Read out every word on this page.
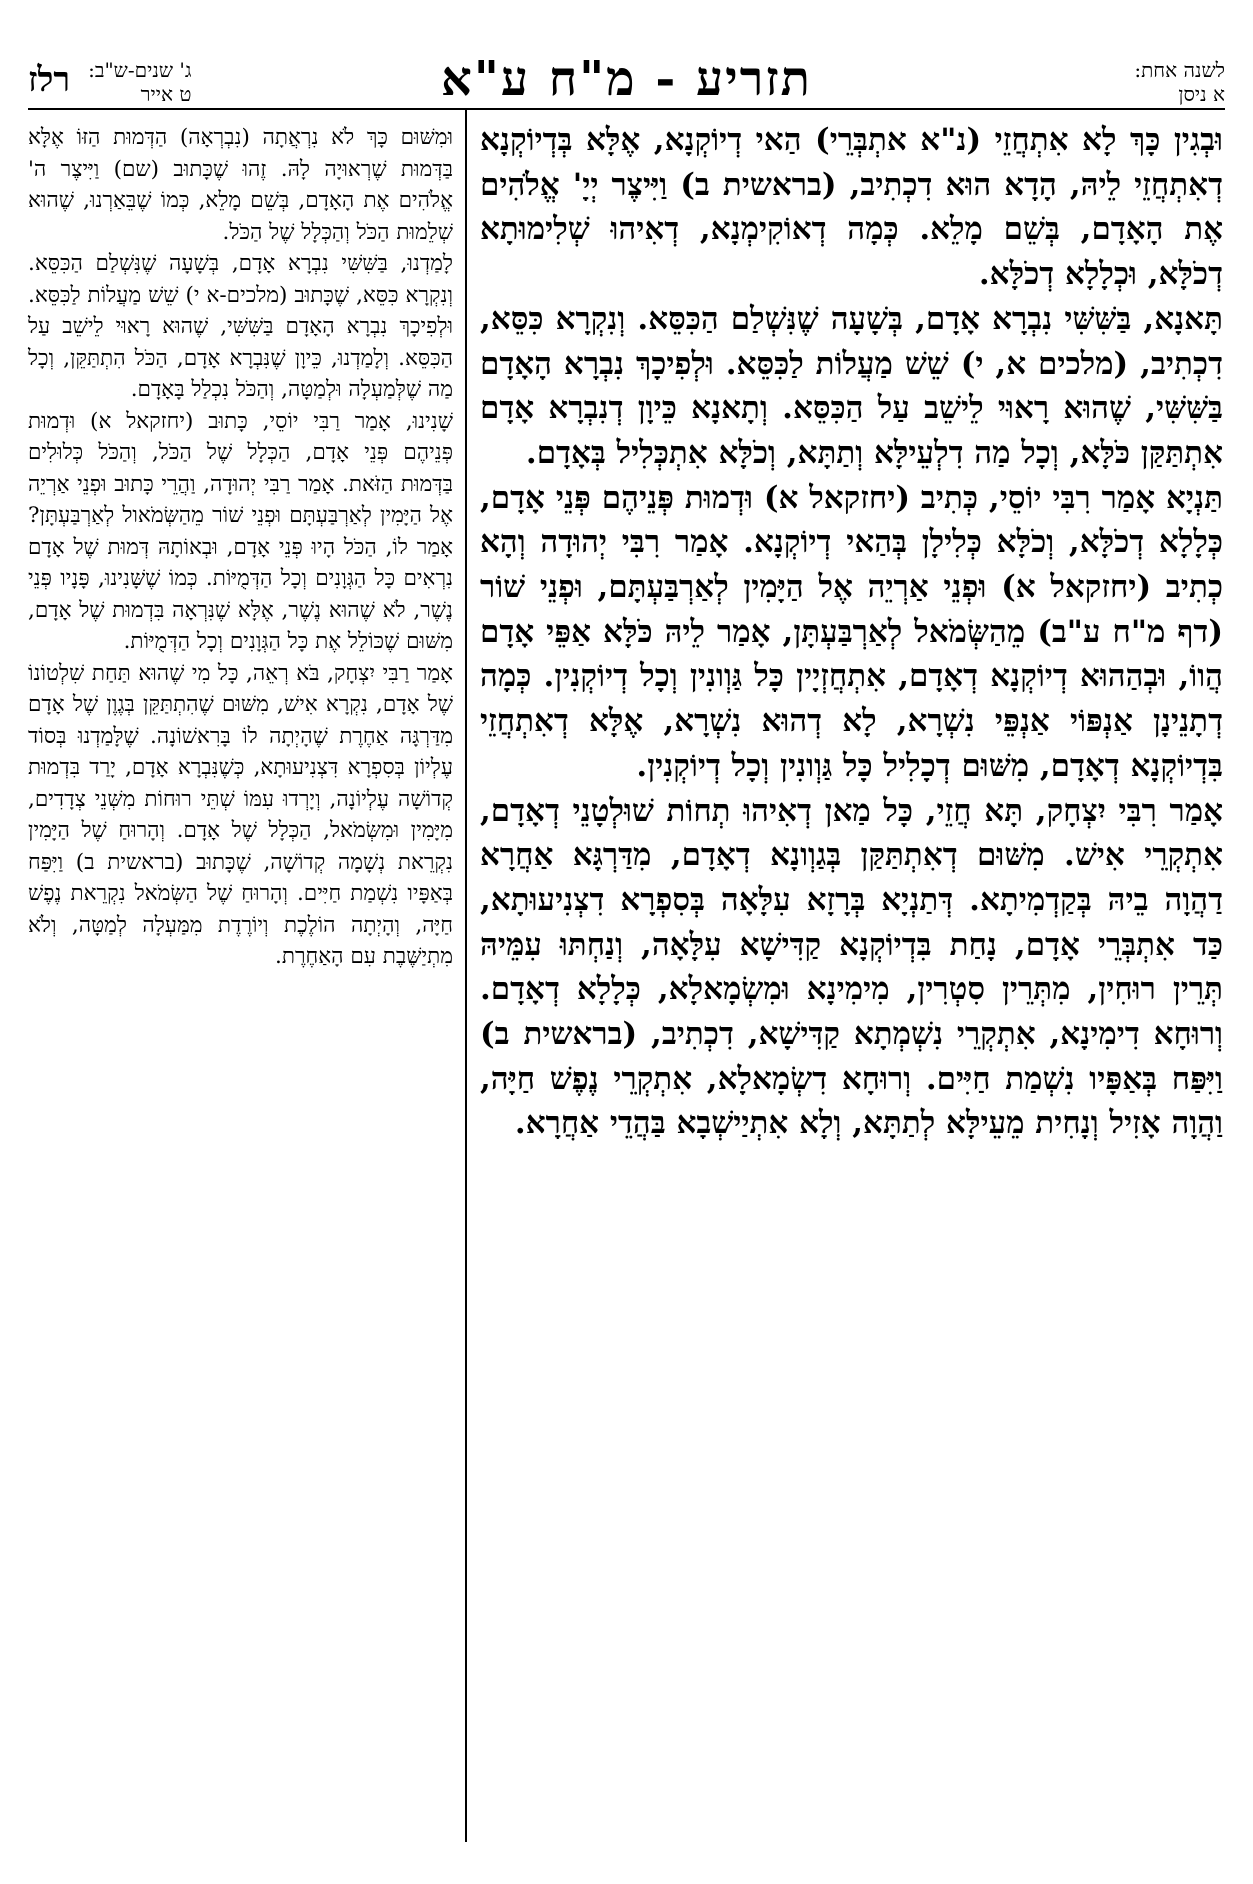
לשנה אחת:
א ניסן
תזריע - מ"ח ע"א
ג' שנים-ש"ב:
ט אייר
רלז

וּבְגִין כָּךְ לָא אִתְחֲזֵי (נ"א אתְבְּרֵי) הַאי דְיוֹקְנָא, אֶלָּא בְּדְיוֹקְנָא דְאִתְחֲזֵי לֵיהּ, הָדָא הוּא דִכְתִיב, (בראשית ב) וַיִּיצֶר יְיָ' אֱלֹהִים אֶת הָאָדָם, בְּשֵׁם מָלֵא. כְּמָה דְאוֹקִימְנָא, דְאִיהוּ שְׁלִימוּתָא דְכֹלָּא, וּכְלָלָא דְכֹלָּא.

תָּאנָא, בַּשִּׁשִּׁי נִבְרָא אָדָם, בְּשָׁעָה שֶׁנִּשְׁלַם הַכִּסֵּא. וְנִקְרָא כִּסֵּא, דִכְתִיב, (מלכים א, י) שֵׁשׁ מַעֲלוֹת לַכִּסֵּא. וּלְפִיכָךְ נִבְרָא הָאָדָם בַּשִּׁשִּׁי, שֶׁהוּא רָאוּי לֵישֵׁב עַל הַכִּסֵּא. וְתָאנָא כֵּיוָן דְנִבְרָא אָדָם אִתְתַּקַּן כֹּלָּא, וְכָל מַה דִלְעֵילָּא וְתַתָּא, וְכֹלָּא אִתְכְּלִיל בְּאָדָם.

תַּנְיָא אָמַר רִבִּי יוֹסֵי, כְּתִיב (יחזקאל א) וּדְמוּת פְּנֵיהֶם פְּנֵי אָדָם, כְּלָלָא דְכֹלָּא, וְכֹלָּא כְּלִילָן בְּהַאי דְיוֹקְנָא. אָמַר רִבִּי יְהוּדָה וְהָא כְתִיב (יחזקאל א) וּפְנֵי אַרְיֵה אֶל הַיָּמִין לְאַרְבַּעְתָּם, וּפְנֵי שׁוֹר (דף מ"ח ע"ב) מֵהַשְּׂמֹאל לְאַרְבַּעְתָּן, אָמַר לֵיהּ כֹּלָּא אַפֵּי אָדָם הֲווֹ, וּבְהַהוּא דְיוֹקְנָא דְאָדָם, אִתְחֲזְיָין כָּל גַּוְונִין וְכָל דְיוֹקְנִין. כְּמָה דְתָנֵינָן אַנְפּוֹי אַנְפֵּי נִשְׁרָא, לָא דְהוּא נִשְׁרָא, אֶלָּא דְאִתְחֲזֵי בִּדְיוֹקְנָא דְאָדָם, מִשּׁוּם דְכָלִיל כָּל גַּוְונִין וְכָל דְיוֹקְנִין.

אָמַר רִבִּי יִצְחָק, תָּא חֲזֵי, כָּל מַאן דְאִיהוּ תְחוֹת שׁוּלְטָנֵי דְאָדָם, אִתְקְרֵי אִישׁ. מִשּׁוּם דְאִתְתַּקַּן בְּגַוְונָא דְאָדָם, מִדַּרְגָּא אַחֲרָא דַהֲוָה בֵיהּ בְּקַדְמִיתָא. דְּתַנְיָא בְּרָזָא עִלָּאָה בְּסִפְרָא דִצְנִיעוּתָא, כַּד אִתְבְּרֵי אָדָם, נָחַת בִּדְיוֹקְנָא קַדִּישָׁא עִלָּאָה, וְנַחְתּוּ עִמֵּיהּ תְּרֵין רוּחִין, מִתְּרֵין סִטְרִין, מִימִינָא וּמִשְׂמָאלָא, כְּלָלָא דְאָדָם. וְרוּחָא דִימִינָא, אִתְקְרֵי נִשְׁמְתָא קַדִּישָׁא, דִכְתִיב, (בראשית ב) וַיִּפַּח בְּאַפָּיו נִשְׁמַת חַיִּים. וְרוּחָא דִשְׂמָאלָא, אִתְקְרֵי נֶפֶשׁ חַיָּה, וַהֲוָה אָזִיל וְנָחִית מֵעֵילָּא לְתַתָּא, וְלָא אִתְיַישְׁבָא בַּהֲדֵי אַחֲרָא.

וּמִשּׁוּם כָּךְ לֹא נִרְאֲתָה (נִבְרְאָה) הַדְּמוּת הַזּוֹ אֶלָּא בַּדְּמוּת שֶׁרְאוּיָה לָהּ. זֶהוּ שֶׁכָּתוּב (שם) וַיִּיצֶר ה' אֱלֹהִים אֶת הָאָדָם, בְּשֵׁם מָלֵא, כְּמוֹ שֶׁבֵּאַרְנוּ, שֶׁהוּא שְׁלֵמוּת הַכֹּל וְהַכְּלָל שֶׁל הַכֹּל.

לָמַדְנוּ, בַּשִּׁשִּׁי נִבְרָא אָדָם, בְּשָׁעָה שֶׁנִּשְׁלַם הַכִּסֵּא. וְנִקְרָא כִּסֵּא, שֶׁכָּתוּב (מלכים-א י) שֵׁשׁ מַעֲלוֹת לַכִּסֵּא. וּלְפִיכָךְ נִבְרָא הָאָדָם בַּשִּׁשִּׁי, שֶׁהוּא רָאוּי לֵישֵׁב עַל הַכִּסֵּא. וְלָמַדְנוּ, כֵּיוָן שֶׁנִּבְרָא אָדָם, הַכֹּל הִתְתַּקֵּן, וְכָל מַה שֶׁלְּמַעְלָה וּלְמַטָּה, וְהַכֹּל נִכְלַל בָּאָדָם.

שָׁנִינוּ, אָמַר רַבִּי יוֹסֵי, כָּתוּב (יחזקאל א) וּדְמוּת פְּנֵיהֶם פְּנֵי אָדָם, הַכְּלָל שֶׁל הַכֹּל, וְהַכֹּל כְּלוּלִים בַּדְּמוּת הַזֹּאת. אָמַר רַבִּי יְהוּדָה, וַהֲרֵי כָּתוּב וּפְנֵי אַרְיֵה אֶל הַיָּמִין לְאַרְבַּעְתָּם וּפְנֵי שׁוֹר מֵהַשְּׂמֹאול לְאַרְבַּעְתָּן? אָמַר לוֹ, הַכֹּל הָיוּ פְּנֵי אָדָם, וּבְאוֹתָהּ דְּמוּת שֶׁל אָדָם נִרְאִים כָּל הַגְּוָנִים וְכָל הַדְּמֻיּוֹת. כְּמוֹ שֶׁשָּׁנִינוּ, פָּנָיו פְּנֵי נֶשֶׁר, לֹא שֶׁהוּא נֶשֶׁר, אֶלָּא שֶׁנִּרְאָה בִּדְמוּת שֶׁל אָדָם, מִשּׁוּם שֶׁכּוֹלֵל אֶת כָּל הַגְּוָנִים וְכָל הַדְּמֻיּוֹת.

אָמַר רַבִּי יִצְחָק, בֹּא רְאֵה, כָּל מִי שֶׁהוּא תַּחַת שִׁלְטוֹנוֹ שֶׁל אָדָם, נִקְרָא אִישׁ, מִשּׁוּם שֶׁהִתְתַּקֵּן בְּגֶוֶן שֶׁל אָדָם מִדַּרְגָּה אַחֶרֶת שֶׁהָיְתָה לוֹ בָּרִאשׁוֹנָה. שֶׁלָּמַדְנוּ בְּסוֹד עֶלְיוֹן בְּסִפְרָא דִּצְנִיעוּתָא, כְּשֶׁנִּבְרָא אָדָם, יָרַד בִּדְמוּת קְדוֹשָׁה עֶלְיוֹנָה, וְיָרְדוּ עִמּוֹ שְׁתֵּי רוּחוֹת מִשְּׁנֵי צְדָדִים, מִיָּמִין וּמִשְּׂמֹאל, הַכְּלָל שֶׁל אָדָם. וְהָרוּחַ שֶׁל הַיָּמִין נִקְרֵאת נְשָׁמָה קְדוֹשָׁה, שֶׁכָּתוּב (בראשית ב) וַיִּפַּח בְּאַפָּיו נִשְׁמַת חַיִּים. וְהָרוּחַ שֶׁל הַשְּׂמֹאל נִקְרֵאת נֶפֶשׁ חַיָּה, וְהָיְתָה הוֹלֶכֶת וְיוֹרֶדֶת מִמַּעְלָה לְמַטָּה, וְלֹא מִתְיַשֶּׁבֶת עִם הָאַחֶרֶת.
